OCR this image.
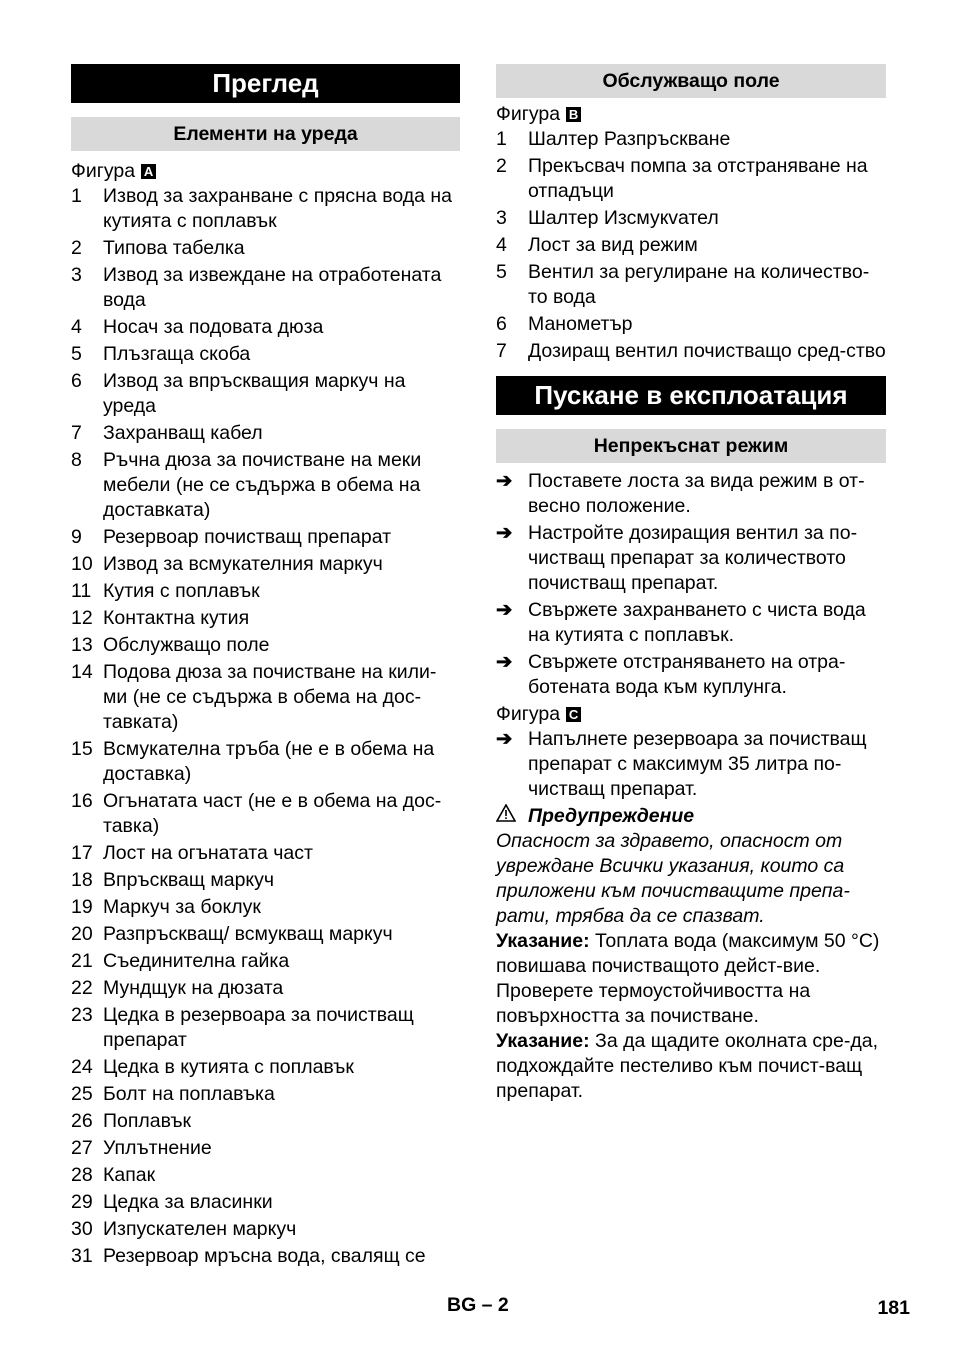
Преглед
Елементи на уреда
Фигура A
1	Извод за захранване с прясна вода на кутията с поплавък
2	Типова табелка
3	Извод за извеждане на отработената вода
4	Носач за подовата дюза
5	Плъзгаща скоба
6	Извод за впръскващия маркуч на уреда
7	Захранващ кабел
8	Ръчна дюза за почистване на меки мебели (не се съдържа в обема на доставката)
9	Резервоар почистващ препарат
10 Извод за всмукателния маркуч
11 Кутия с поплавък
12 Контактна кутия
13 Обслужващо поле
14 Подова дюза за почистване на кили-ми (не се съдържа в обема на дос-тавката)
15 Всмукателна тръба (не е в обема на доставка)
16 Огънатата част (не е в обема на дос-тавка)
17 Лост на огънатата част
18 Впръскващ маркуч
19 Маркуч за боклук
20 Разпръскващ/ всмукващ маркуч
21 Съединителна гайка
22 Мундщук на дюзата
23 Цедка в резервоара за почистващ препарат
24 Цедка в кутията с поплавък
25 Болт на поплавъка
26 Поплавък
27 Уплътнение
28 Капак
29 Цедка за власинки
30 Изпускателен маркуч
31 Резервоар мръсна вода, свалящ се
Обслужващо поле
Фигура B
1	Шалтер Разпръскване
2	Прекъсвач помпа за отстраняване на отпадъци
3	Шалтер Изсмукvател
4	Лост за вид режим
5	Вентил за регулиране на количество-то вода
6	Манометър
7	Дозиращ вентил почистващо сред-ство
Пускане в експлоатация
Непрекъснат режим
➔ Поставете лоста за вида режим в от-весно положение.
➔ Настройте дозиращия вентил за по-чистващ препарат за количеството почистващ препарат.
➔ Свържете захранването с чиста вода на кутията с поплавък.
➔ Свържете отстраняването на отра-ботената вода към куплунга.
Фигура C
➔ Напълнете резервоара за почистващ препарат с максимум 35 литра по-чистващ препарат.
Предупреждение
Опасност за здравето, опасност от увреждане Всички указания, които са приложени към почистващите препа-рати, трябва да се спазват.
Указание: Топлата вода (максимум 50 °C) повишава почистващото дейст-вие. Проверете термоустойчивостта на повърхността за почистване.
Указание: За да щадите околната сре-да, подхождайте пестеливо към почист-ващ препарат.
BG – 2	181
